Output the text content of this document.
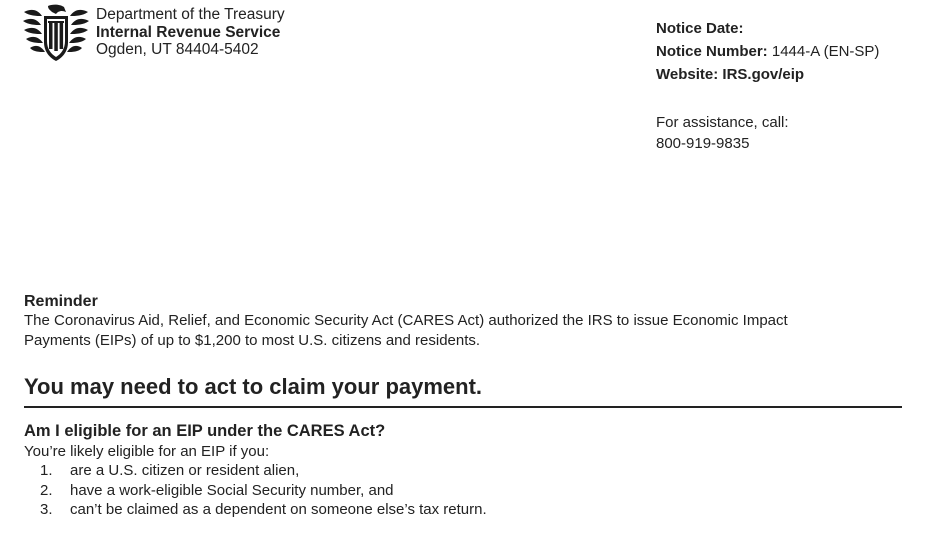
Department of the Treasury
Internal Revenue Service
Ogden, UT 84404-5402
Notice Date:
Notice Number: 1444-A (EN-SP)
Website: IRS.gov/eip
For assistance, call:
800-919-9835
Reminder

The Coronavirus Aid, Relief, and Economic Security Act (CARES Act) authorized the IRS to issue Economic Impact

Payments (EIPs) of up to $1,200 to most U.S. citizens and residents.

You may need to act to claim your payment.
Am I eligible for an EIP under the CARES Act?

You’re likely eligible for an EIP if you:

1.	are a U.S. citizen or resident alien,
2.	have a work-eligible Social Security number, and
3.	can’t be claimed as a dependent on someone else’s tax return.
